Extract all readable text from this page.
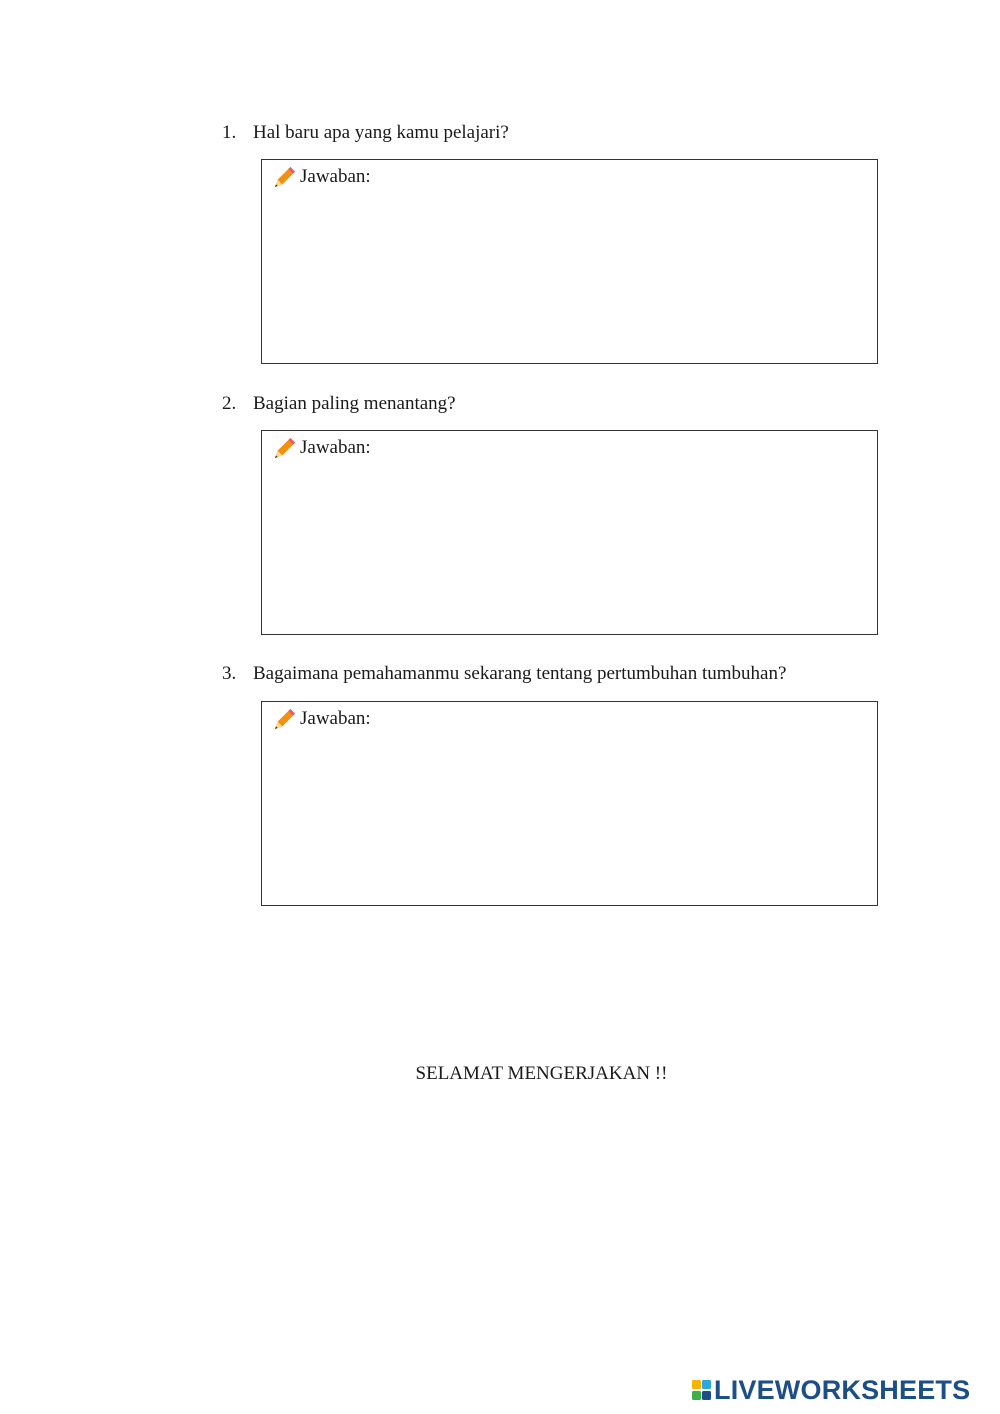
1. Hal baru apa yang kamu pelajari?
Jawaban:
2. Bagian paling menantang?
Jawaban:
3. Bagaimana pemahamanmu sekarang tentang pertumbuhan tumbuhan?
Jawaban:
SELAMAT MENGERJAKAN !!
LIVEWORKSHEETS
